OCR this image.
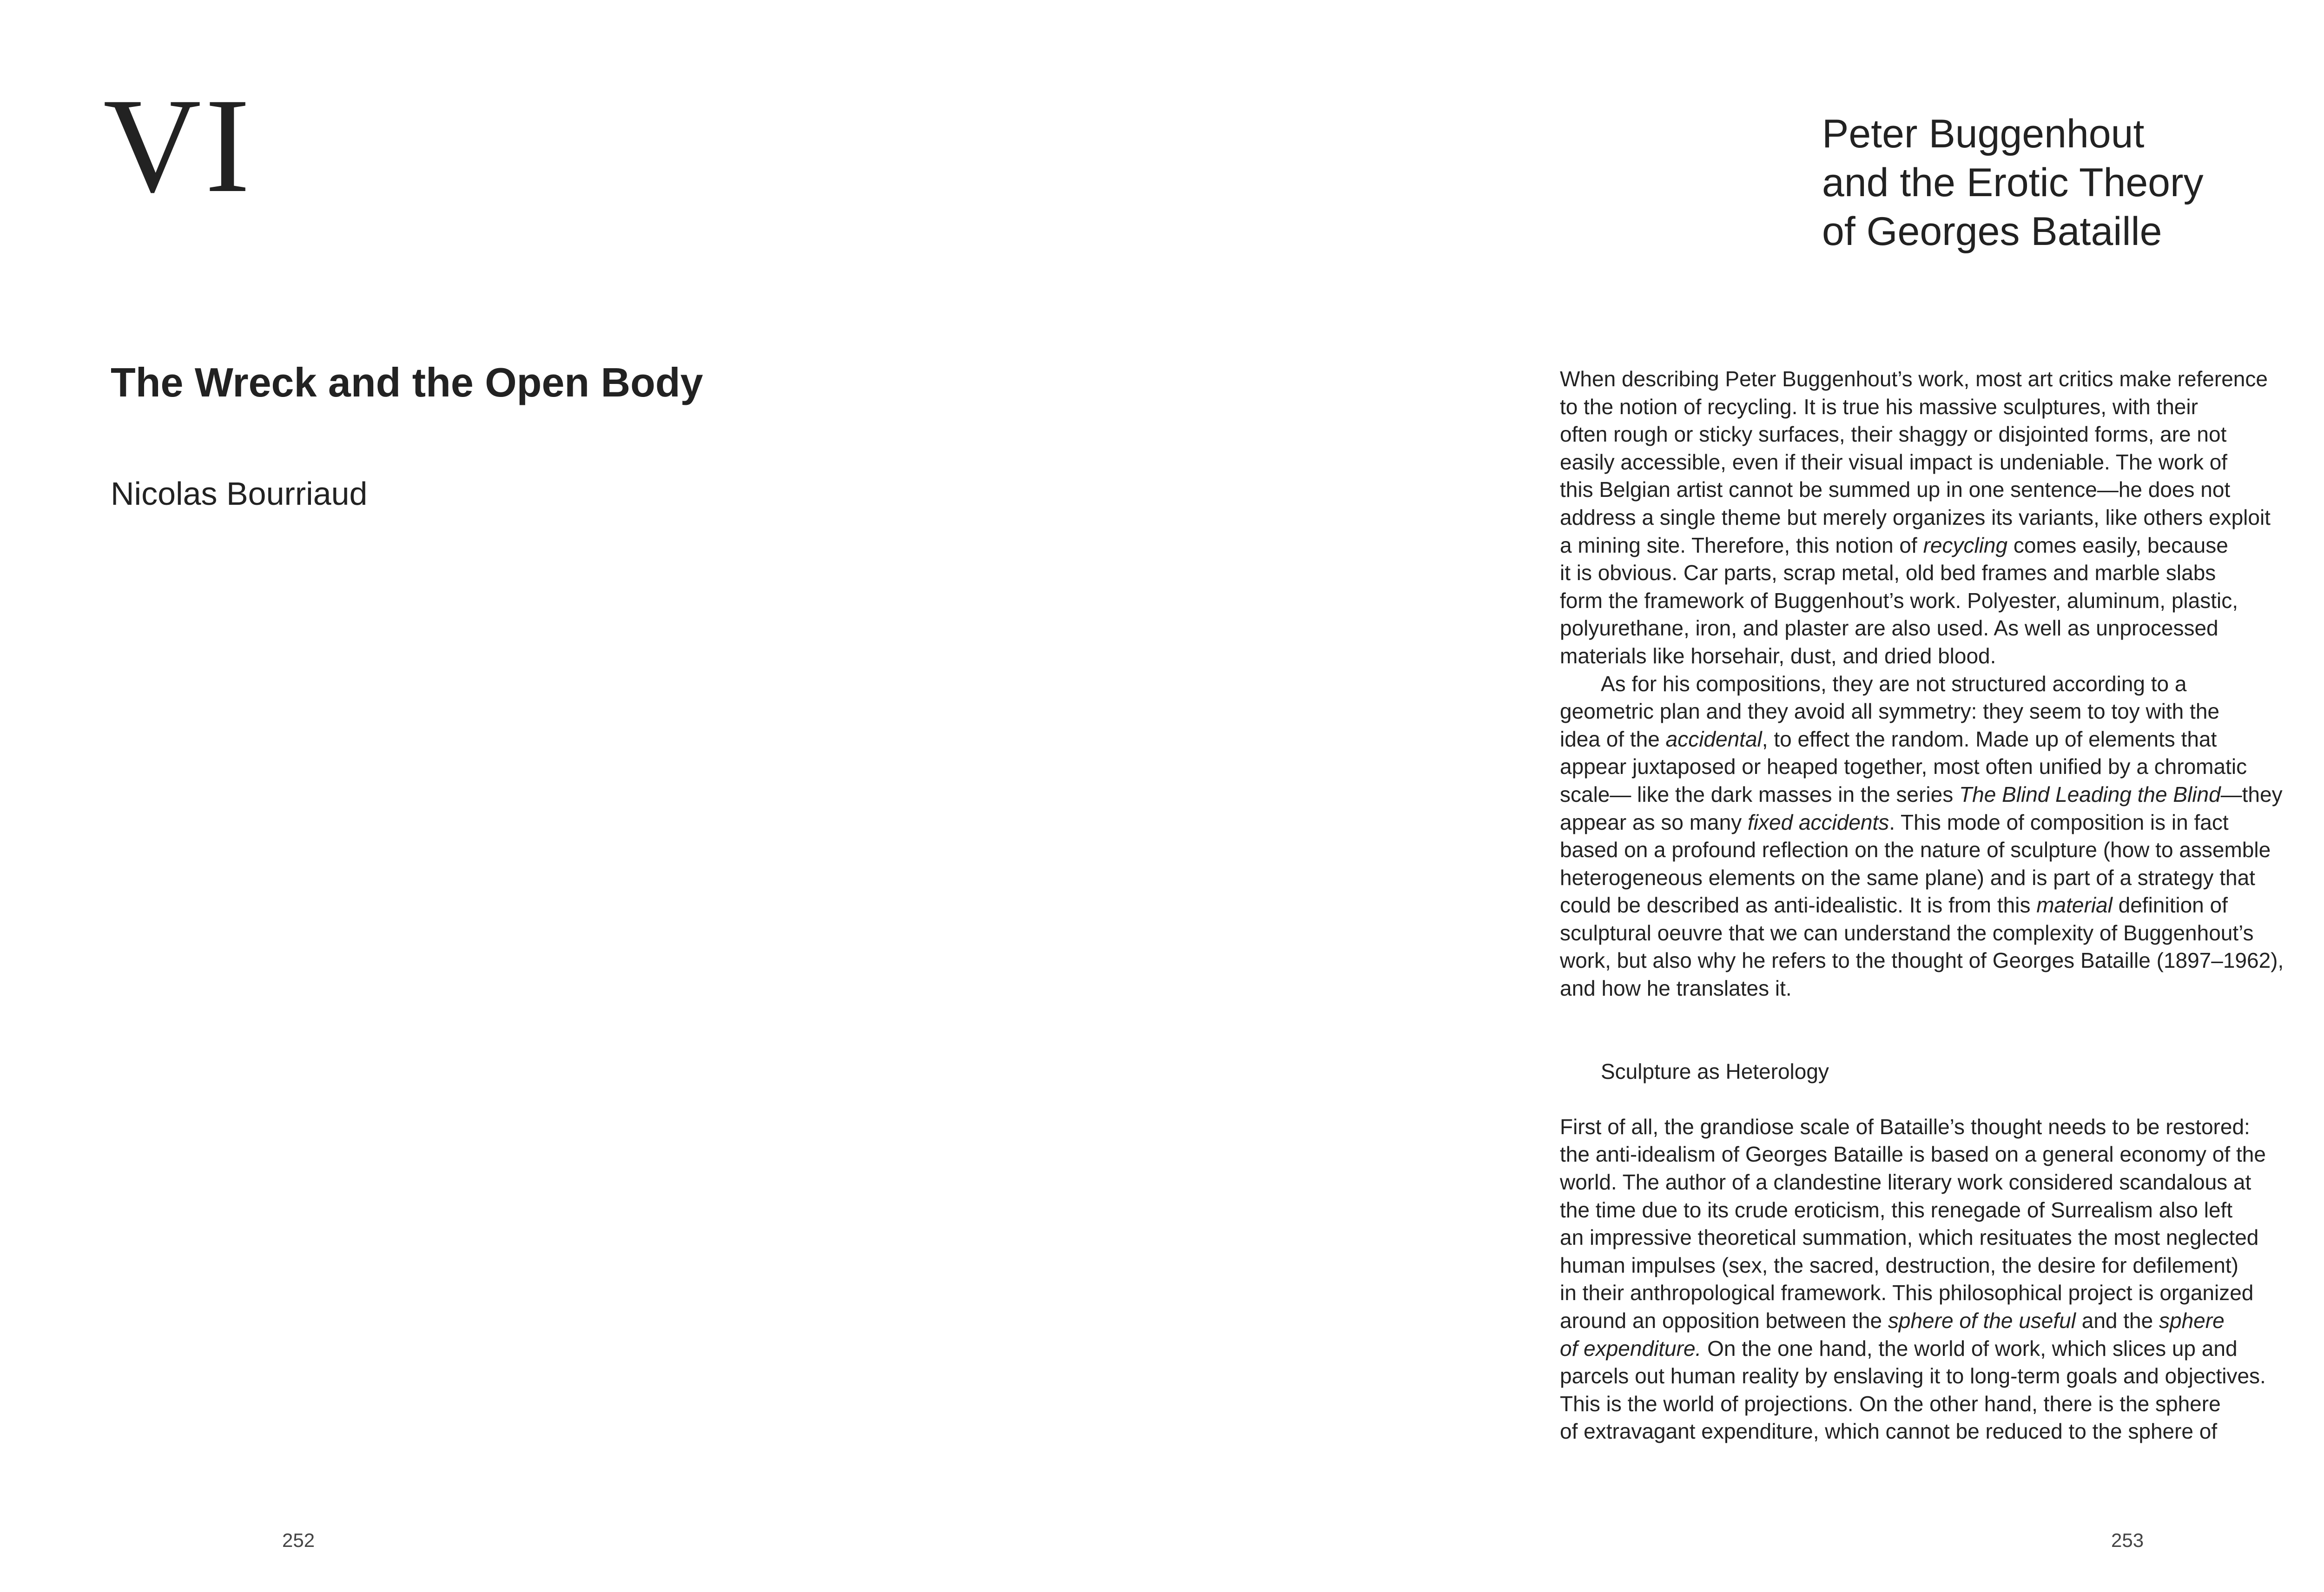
VI
The Wreck and the Open Body

Nicolas Bourriaud

252

Peter Buggenhout
and the Erotic Theory
of Georges Bataille

When describing Peter Buggenhout’s work, most art critics make reference
to the notion of recycling. It is true his massive sculptures, with their
often rough or sticky surfaces, their shaggy or disjointed forms, are not
easily accessible, even if their visual impact is undeniable. The work of
this Belgian artist cannot be summed up in one sentence—he does not
address a single theme but merely organizes its variants, like others exploit
a mining site. Therefore, this notion of recycling comes easily, because
it is obvious. Car parts, scrap metal, old bed frames and marble slabs
form the framework of Buggenhout’s work. Polyester, aluminum, plastic,
polyurethane, iron, and plaster are also used. As well as unprocessed
materials like horsehair, dust, and dried blood.

As for his compositions, they are not structured according to a
geometric plan and they avoid all symmetry: they seem to toy with the
idea of the accidental, to effect the random. Made up of elements that
appear juxtaposed or heaped together, most often unified by a chromatic
scale— like the dark masses in the series The Blind Leading the Blind—they
appear as so many fixed accidents. This mode of composition is in fact
based on a profound reflection on the nature of sculpture (how to assemble
heterogeneous elements on the same plane) and is part of a strategy that
could be described as anti-idealistic. It is from this material definition of
sculptural oeuvre that we can understand the complexity of Buggenhout’s
work, but also why he refers to the thought of Georges Bataille (1897–1962),
and how he translates it.

Sculpture as Heterology

First of all, the grandiose scale of Bataille’s thought needs to be restored:
the anti-idealism of Georges Bataille is based on a general economy of the
world. The author of a clandestine literary work considered scandalous at
the time due to its crude eroticism, this renegade of Surrealism also left
an impressive theoretical summation, which resituates the most neglected
human impulses (sex, the sacred, destruction, the desire for defilement)
in their anthropological framework. This philosophical project is organized
around an opposition between the sphere of the useful and the sphere
of expenditure. On the one hand, the world of work, which slices up and
parcels out human reality by enslaving it to long-term goals and objectives.
This is the world of projections. On the other hand, there is the sphere
of extravagant expenditure, which cannot be reduced to the sphere of

253
